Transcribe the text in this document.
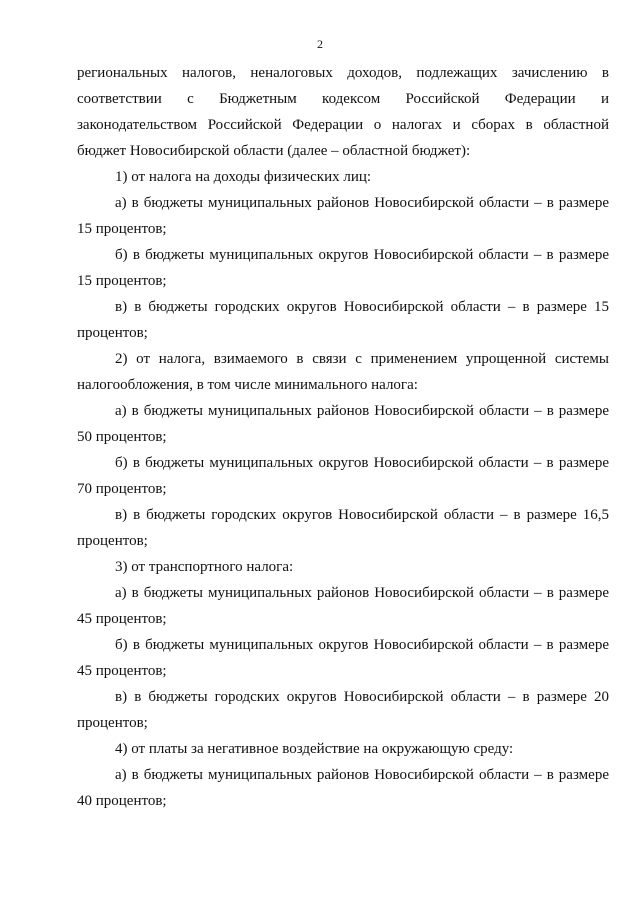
2
региональных налогов, неналоговых доходов, подлежащих зачислению в
соответствии с Бюджетным кодексом Российской Федерации и
законодательством Российской Федерации о налогах и сборах в областной
бюджет Новосибирской области (далее – областной бюджет):
1) от налога на доходы физических лиц:
а) в бюджеты муниципальных районов Новосибирской области – в размере
15 процентов;
б) в бюджеты муниципальных округов Новосибирской области – в размере
15 процентов;
в) в бюджеты городских округов Новосибирской области – в размере 15
процентов;
2) от налога, взимаемого в связи с применением упрощенной системы
налогообложения, в том числе минимального налога:
а) в бюджеты муниципальных районов Новосибирской области – в размере
50 процентов;
б) в бюджеты муниципальных округов Новосибирской области – в размере
70 процентов;
в) в бюджеты городских округов Новосибирской области – в размере 16,5
процентов;
3) от транспортного налога:
а) в бюджеты муниципальных районов Новосибирской области – в размере
45 процентов;
б) в бюджеты муниципальных округов Новосибирской области – в размере
45 процентов;
в) в бюджеты городских округов Новосибирской области – в размере 20
процентов;
4) от платы за негативное воздействие на окружающую среду:
а) в бюджеты муниципальных районов Новосибирской области – в размере
40 процентов;
